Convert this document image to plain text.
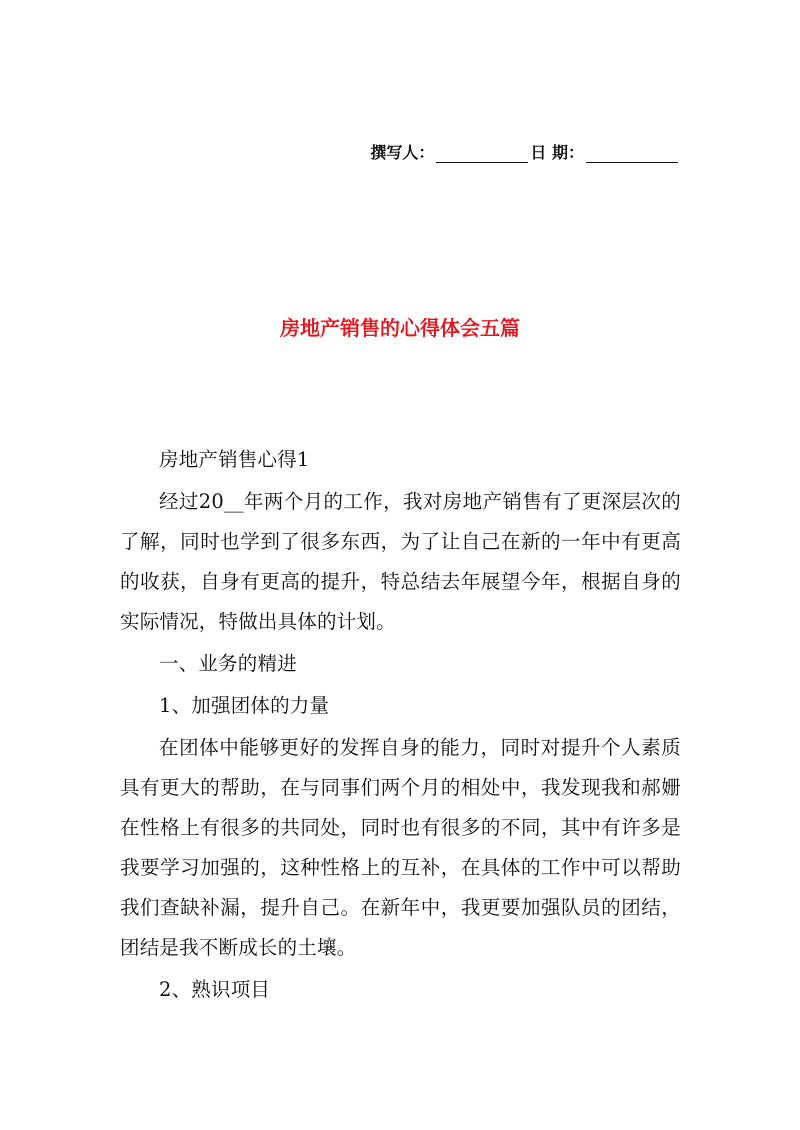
撰写人：	日 期：
房地产销售的心得体会五篇

房地产销售心得1

经过20__年两个月的工作，我对房地产销售有了更深层次的了解，同时也学到了很多东西，为了让自己在新的一年中有更高的收获，自身有更高的提升，特总结去年展望今年，根据自身的实际情况，特做出具体的计划。

一、业务的精进

1、加强团体的力量

在团体中能够更好的发挥自身的能力，同时对提升个人素质具有更大的帮助，在与同事们两个月的相处中，我发现我和郝姗在性格上有很多的共同处，同时也有很多的不同，其中有许多是我要学习加强的，这种性格上的互补，在具体的工作中可以帮助我们查缺补漏，提升自己。在新年中，我更要加强队员的团结，团结是我不断成长的土壤。

2、熟识项目
